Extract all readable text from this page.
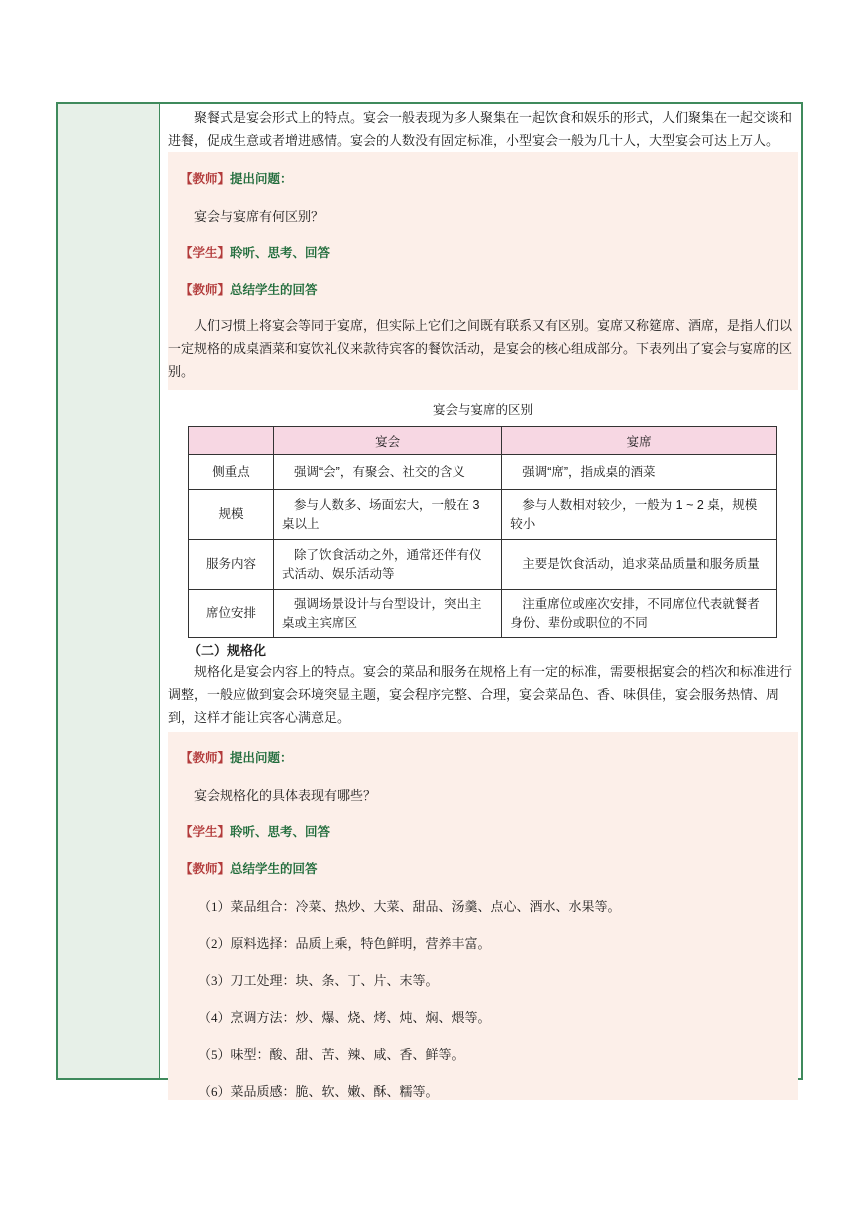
聚餐式是宴会形式上的特点。宴会一般表现为多人聚集在一起饮食和娱乐的形式，人们聚集在一起交谈和进餐，促成生意或者增进感情。宴会的人数没有固定标准，小型宴会一般为几十人，大型宴会可达上万人。

【教师】提出问题：
宴会与宴席有何区别？
【学生】聆听、思考、回答
【教师】总结学生的回答

人们习惯上将宴会等同于宴席，但实际上它们之间既有联系又有区别。宴席又称筵席、酒席，是指人们以一定规格的成桌酒菜和宴饮礼仪来款待宾客的餐饮活动，是宴会的核心组成部分。下表列出了宴会与宴席的区别。

宴会与宴席的区别
	宴会	宴席
侧重点	强调“会”，有聚会、社交的含义	强调“席”，指成桌的酒菜
规模	参与人数多、场面宏大，一般在 3 桌以上	参与人数相对较少，一般为 1 ~ 2 桌，规模较小
服务内容	除了饮食活动之外，通常还伴有仪式活动、娱乐活动等	主要是饮食活动，追求菜品质量和服务质量
席位安排	强调场景设计与台型设计，突出主桌或主宾席区	注重席位或座次安排，不同席位代表就餐者身份、辈份或职位的不同
（二）规格化

规格化是宴会内容上的特点。宴会的菜品和服务在规格上有一定的标准，需要根据宴会的档次和标准进行调整，一般应做到宴会环境突显主题，宴会程序完整、合理，宴会菜品色、香、味俱佳，宴会服务热情、周到，这样才能让宾客心满意足。

【教师】提出问题：
宴会规格化的具体表现有哪些？
【学生】聆听、思考、回答
【教师】总结学生的回答
（1）菜品组合：冷菜、热炒、大菜、甜品、汤羹、点心、酒水、水果等。
（2）原料选择：品质上乘，特色鲜明，营养丰富。
（3）刀工处理：块、条、丁、片、末等。
（4）烹调方法：炒、爆、烧、烤、炖、焖、煨等。
（5）味型：酸、甜、苦、辣、咸、香、鲜等。
（6）菜品质感：脆、软、嫩、酥、糯等。
